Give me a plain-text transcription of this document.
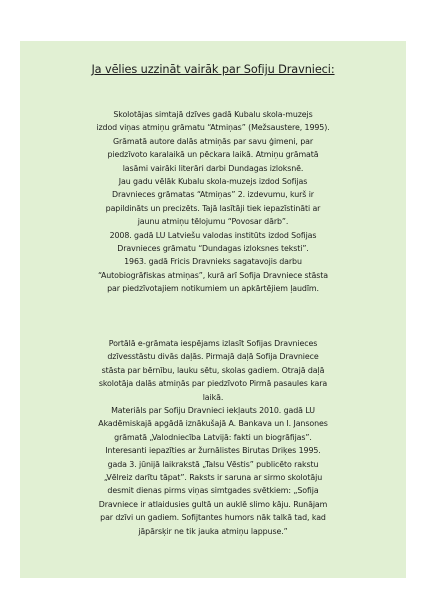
Ja vēlies uzzināt vairāk par Sofiju Dravnieci:
Skolotājas simtajā dzīves gadā Kubalu skola-muzejs
izdod viņas atmiņu grāmatu “Atmiņas” (Mežsaustere, 1995).
Grāmatā autore dalās atmiņās par savu ģimeni, par
piedzīvoto karalaikā un pēckara laikā. Atmiņu grāmatā
lasāmi vairāki literāri darbi Dundagas izloksnē.
Jau gadu vēlāk Kubalu skola-muzejs izdod Sofijas
Dravnieces grāmatas “Atmiņas” 2. izdevumu, kurš ir
papildināts un precizēts. Tajā lasītāji tiek iepazīstināti ar
jaunu atmiņu tēlojumu “Povosar dārb”.
2008. gadā LU Latviešu valodas institūts izdod Sofijas
Dravnieces grāmatu “Dundagas izloksnes teksti”.
1963. gadā Fricis Dravnieks sagatavojis darbu
“Autobiogrāfiskas atmiņas”, kurā arī Sofija Dravniece stāsta
par piedzīvotajiem notikumiem un apkārtējiem ļaudīm.
Portālā e-grāmata iespējams izlasīt Sofijas Dravnieces
dzīvesstāstu divās daļās. Pirmajā daļā Sofija Dravniece
stāsta par bērnību, lauku sētu, skolas gadiem. Otrajā daļā
skolotāja dalās atmiņās par piedzīvoto Pirmā pasaules kara
laikā.
Materiāls par Sofiju Dravnieci iekļauts 2010. gadā LU
Akadēmiskajā apgādā iznākušajā A. Bankava un I. Jansones
grāmatā „Valodniecība Latvijā: fakti un biogrāfijas”.
Interesanti iepazīties ar žurnālistes Birutas Driķes 1995.
gada 3. jūnijā laikrakstā „Talsu Vēstis” publicēto rakstu
„Vēlreiz darītu tāpat”. Raksts ir saruna ar sirmo skolotāju
desmit dienas pirms viņas simtgades svētkiem: „Sofija
Dravniece ir atlaidusies gultā un auklē slimo kāju. Runājam
par dzīvi un gadiem. Sofijtantes humors nāk talkā tad, kad
jāpārsķir ne tik jauka atmiņu lappuse.”
